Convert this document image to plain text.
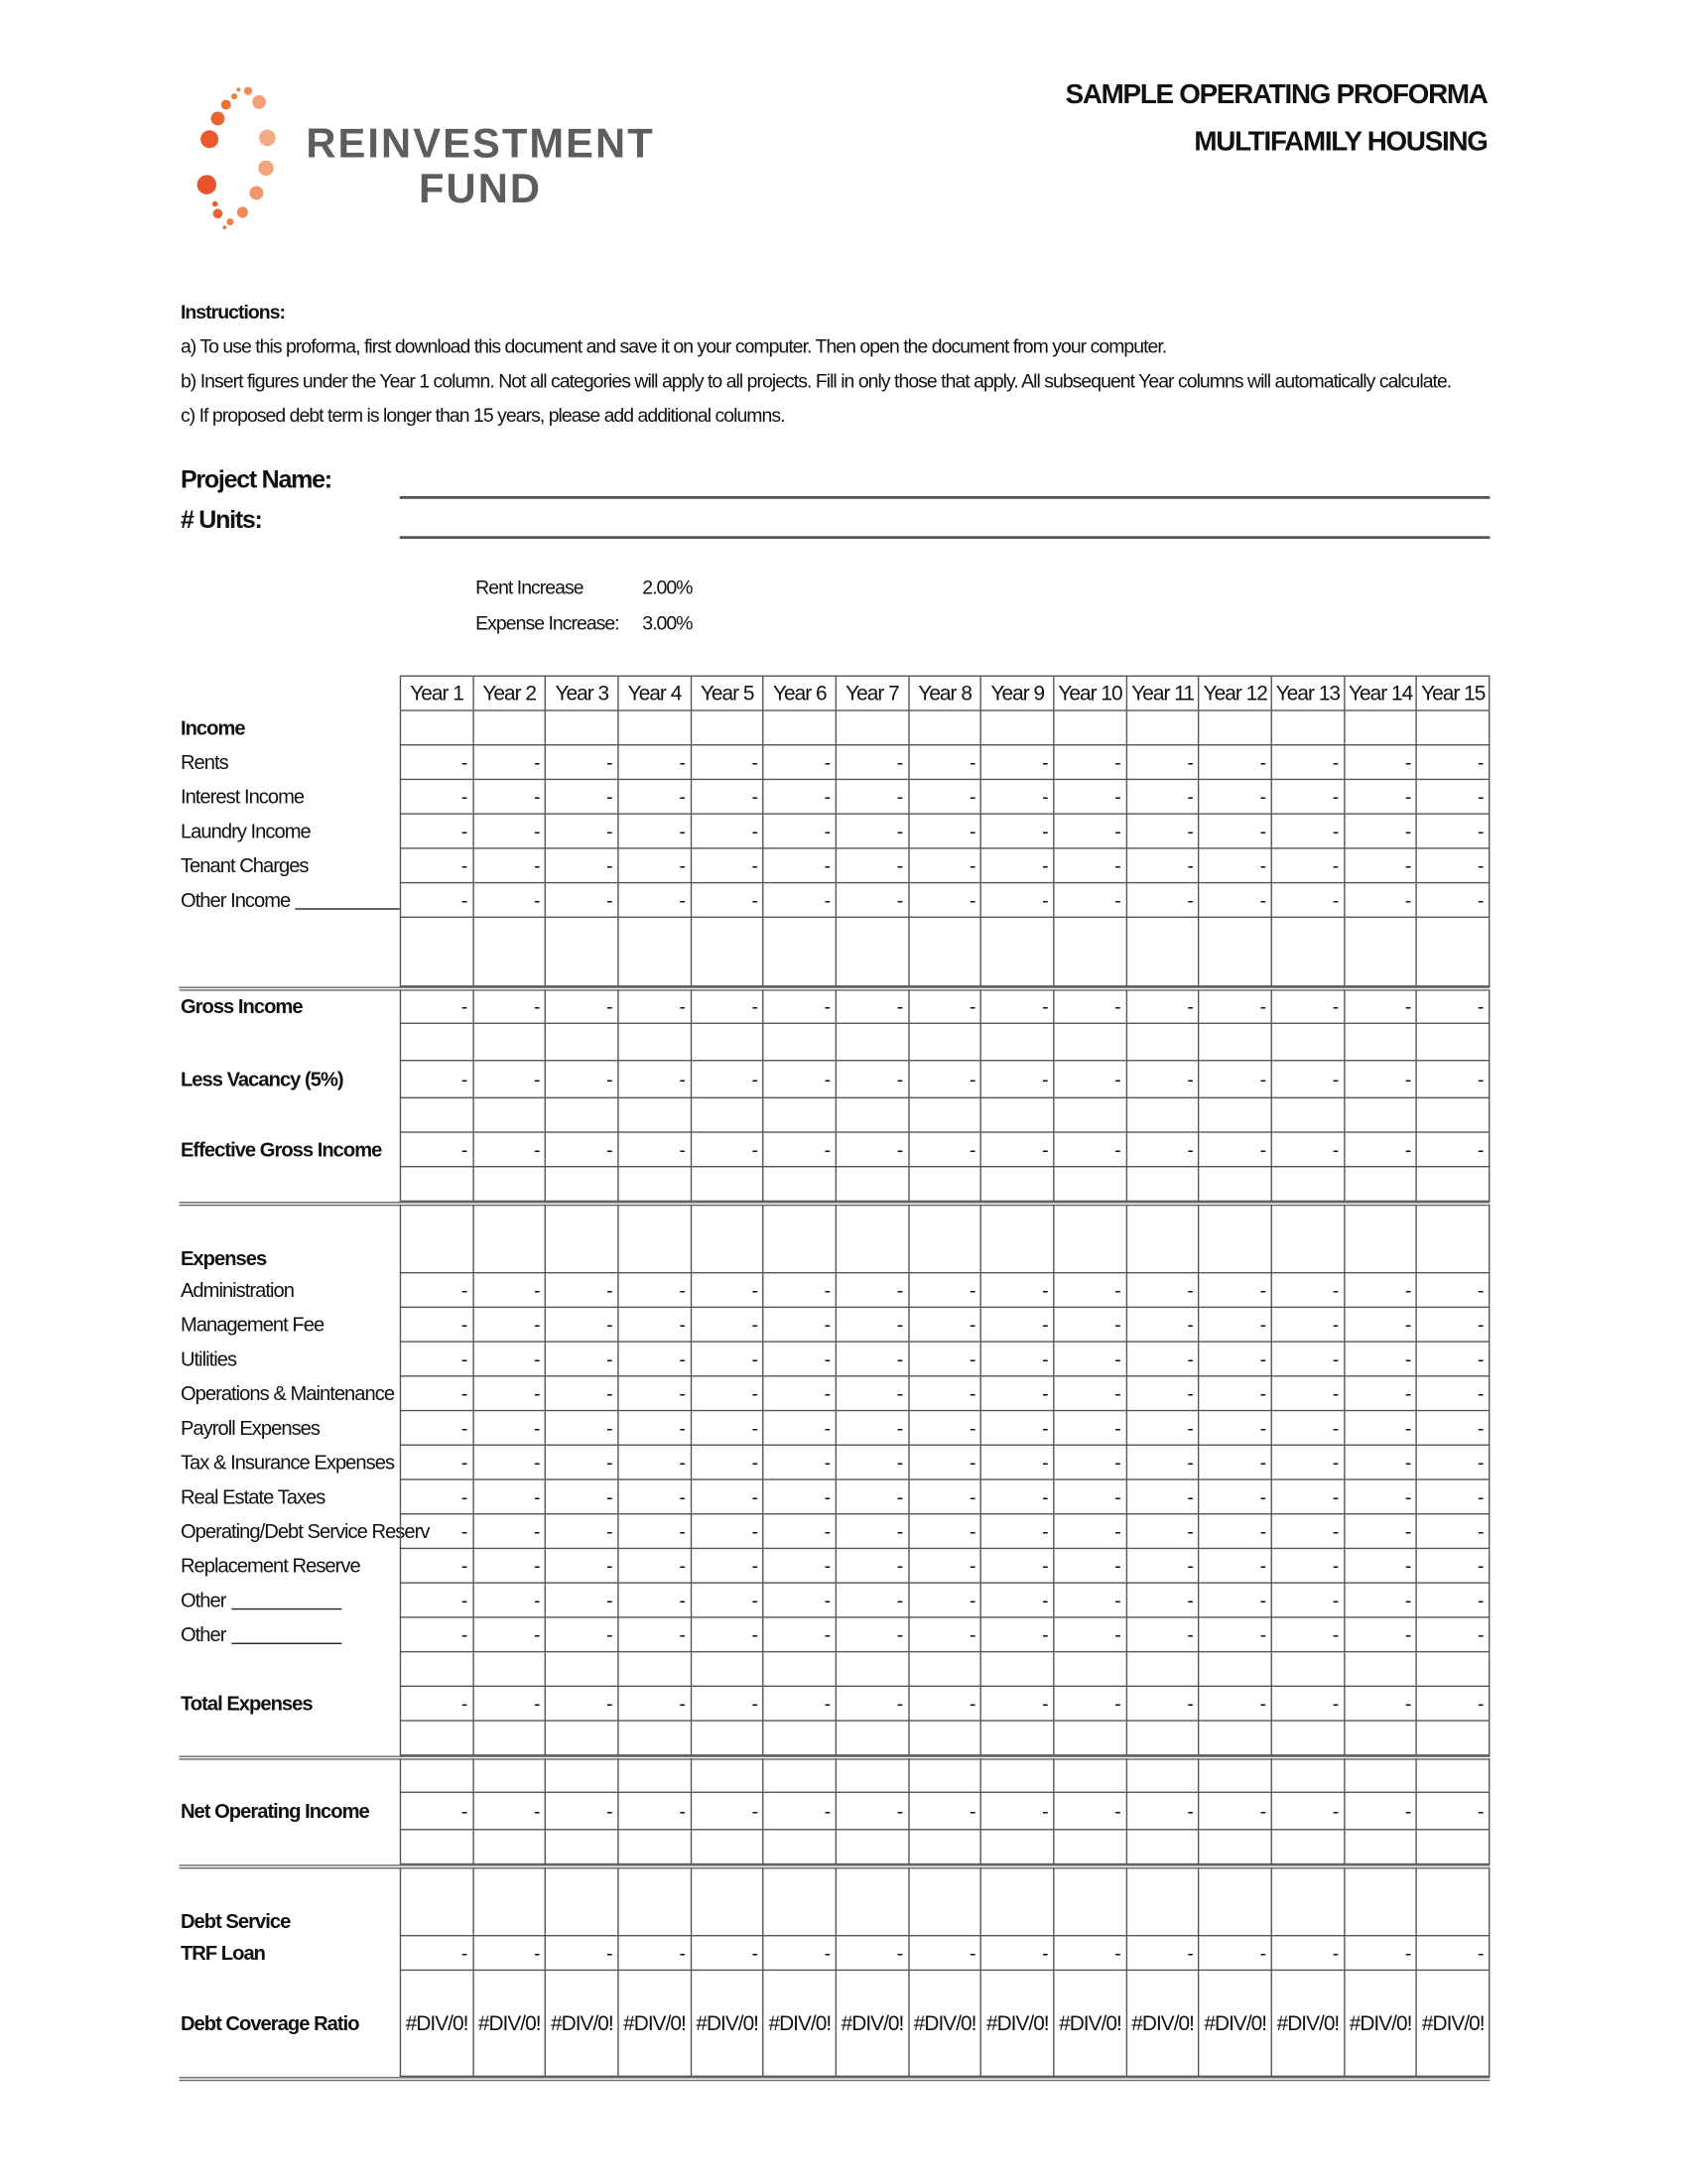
REINVESTMENT
FUND
SAMPLE OPERATING PROFORMA
MULTIFAMILY HOUSING
Instructions:
a) To use this proforma, first download this document and save it on your computer. Then open the document from your computer.
b) Insert figures under the Year 1 column. Not all categories will apply to all projects. Fill in only those that apply. All subsequent Year columns will automatically calculate.
c) If proposed debt term is longer than 15 years, please add additional columns.
Project Name:
# Units:
Rent Increase	2.00%
Expense Increase: 3.00%
Year 1	Year 2	Year 3	Year 4	Year 5	Year 6	Year 7	Year 8	Year 9 Year 10 Year 11 Year 12 Year 13 Year 14 Year 15
Income
Rents	-	-	-	-	-	-	-	-	-	-	-	-	-	-	-
Interest Income	-	-	-	-	-	-	-	-	-	-	-	-	-	-	-
Laundry Income	-	-	-	-	-	-	-	-	-	-	-	-	-	-	-
Tenant Charges	-	-	-	-	-	-	-	-	-	-	-	-	-	-	-
Other Income	-	-	-	-	-	-	-	-	-	-	-	-	-	-	-
Gross Income	-	-	-	-	-	-	-	-	-	-	-	-	-	-	-
Less Vacancy (5%)	-	-	-	-	-	-	-	-	-	-	-	-	-	-	-
Effective Gross Income	-	-	-	-	-	-	-	-	-	-	-	-	-	-	-
Expenses
Administration	-	-	-	-	-	-	-	-	-	-	-	-	-	-	-
Management Fee	-	-	-	-	-	-	-	-	-	-	-	-	-	-	-
Utilities	-	-	-	-	-	-	-	-	-	-	-	-	-	-	-
Operations & Maintenance	-	-	-	-	-	-	-	-	-	-	-	-	-	-	-
Payroll Expenses	-	-	-	-	-	-	-	-	-	-	-	-	-	-	-
Tax & Insurance Expenses	-	-	-	-	-	-	-	-	-	-	-	-	-	-	-
Real Estate Taxes	-	-	-	-	-	-	-	-	-	-	-	-	-	-	-
Operating/Debt Service Reserv	-	-	-	-	-	-	-	-	-	-	-	-	-	-	-
Replacement Reserve	-	-	-	-	-	-	-	-	-	-	-	-	-	-	-
Other	-	-	-	-	-	-	-	-	-	-	-	-	-	-	-
Other	-	-	-	-	-	-	-	-	-	-	-	-	-	-	-
Total Expenses	-	-	-	-	-	-	-	-	-	-	-	-	-	-	-
Net Operating Income	-	-	-	-	-	-	-	-	-	-	-	-	-	-	-
Debt Service
TRF Loan	-	-	-	-	-	-	-	-	-	-	-	-	-	-	-
Debt Coverage Ratio	#DIV/0! #DIV/0! #DIV/0! #DIV/0! #DIV/0! #DIV/0! #DIV/0! #DIV/0! #DIV/0! #DIV/0! #DIV/0! #DIV/0! #DIV/0! #DIV/0! #DIV/0!
